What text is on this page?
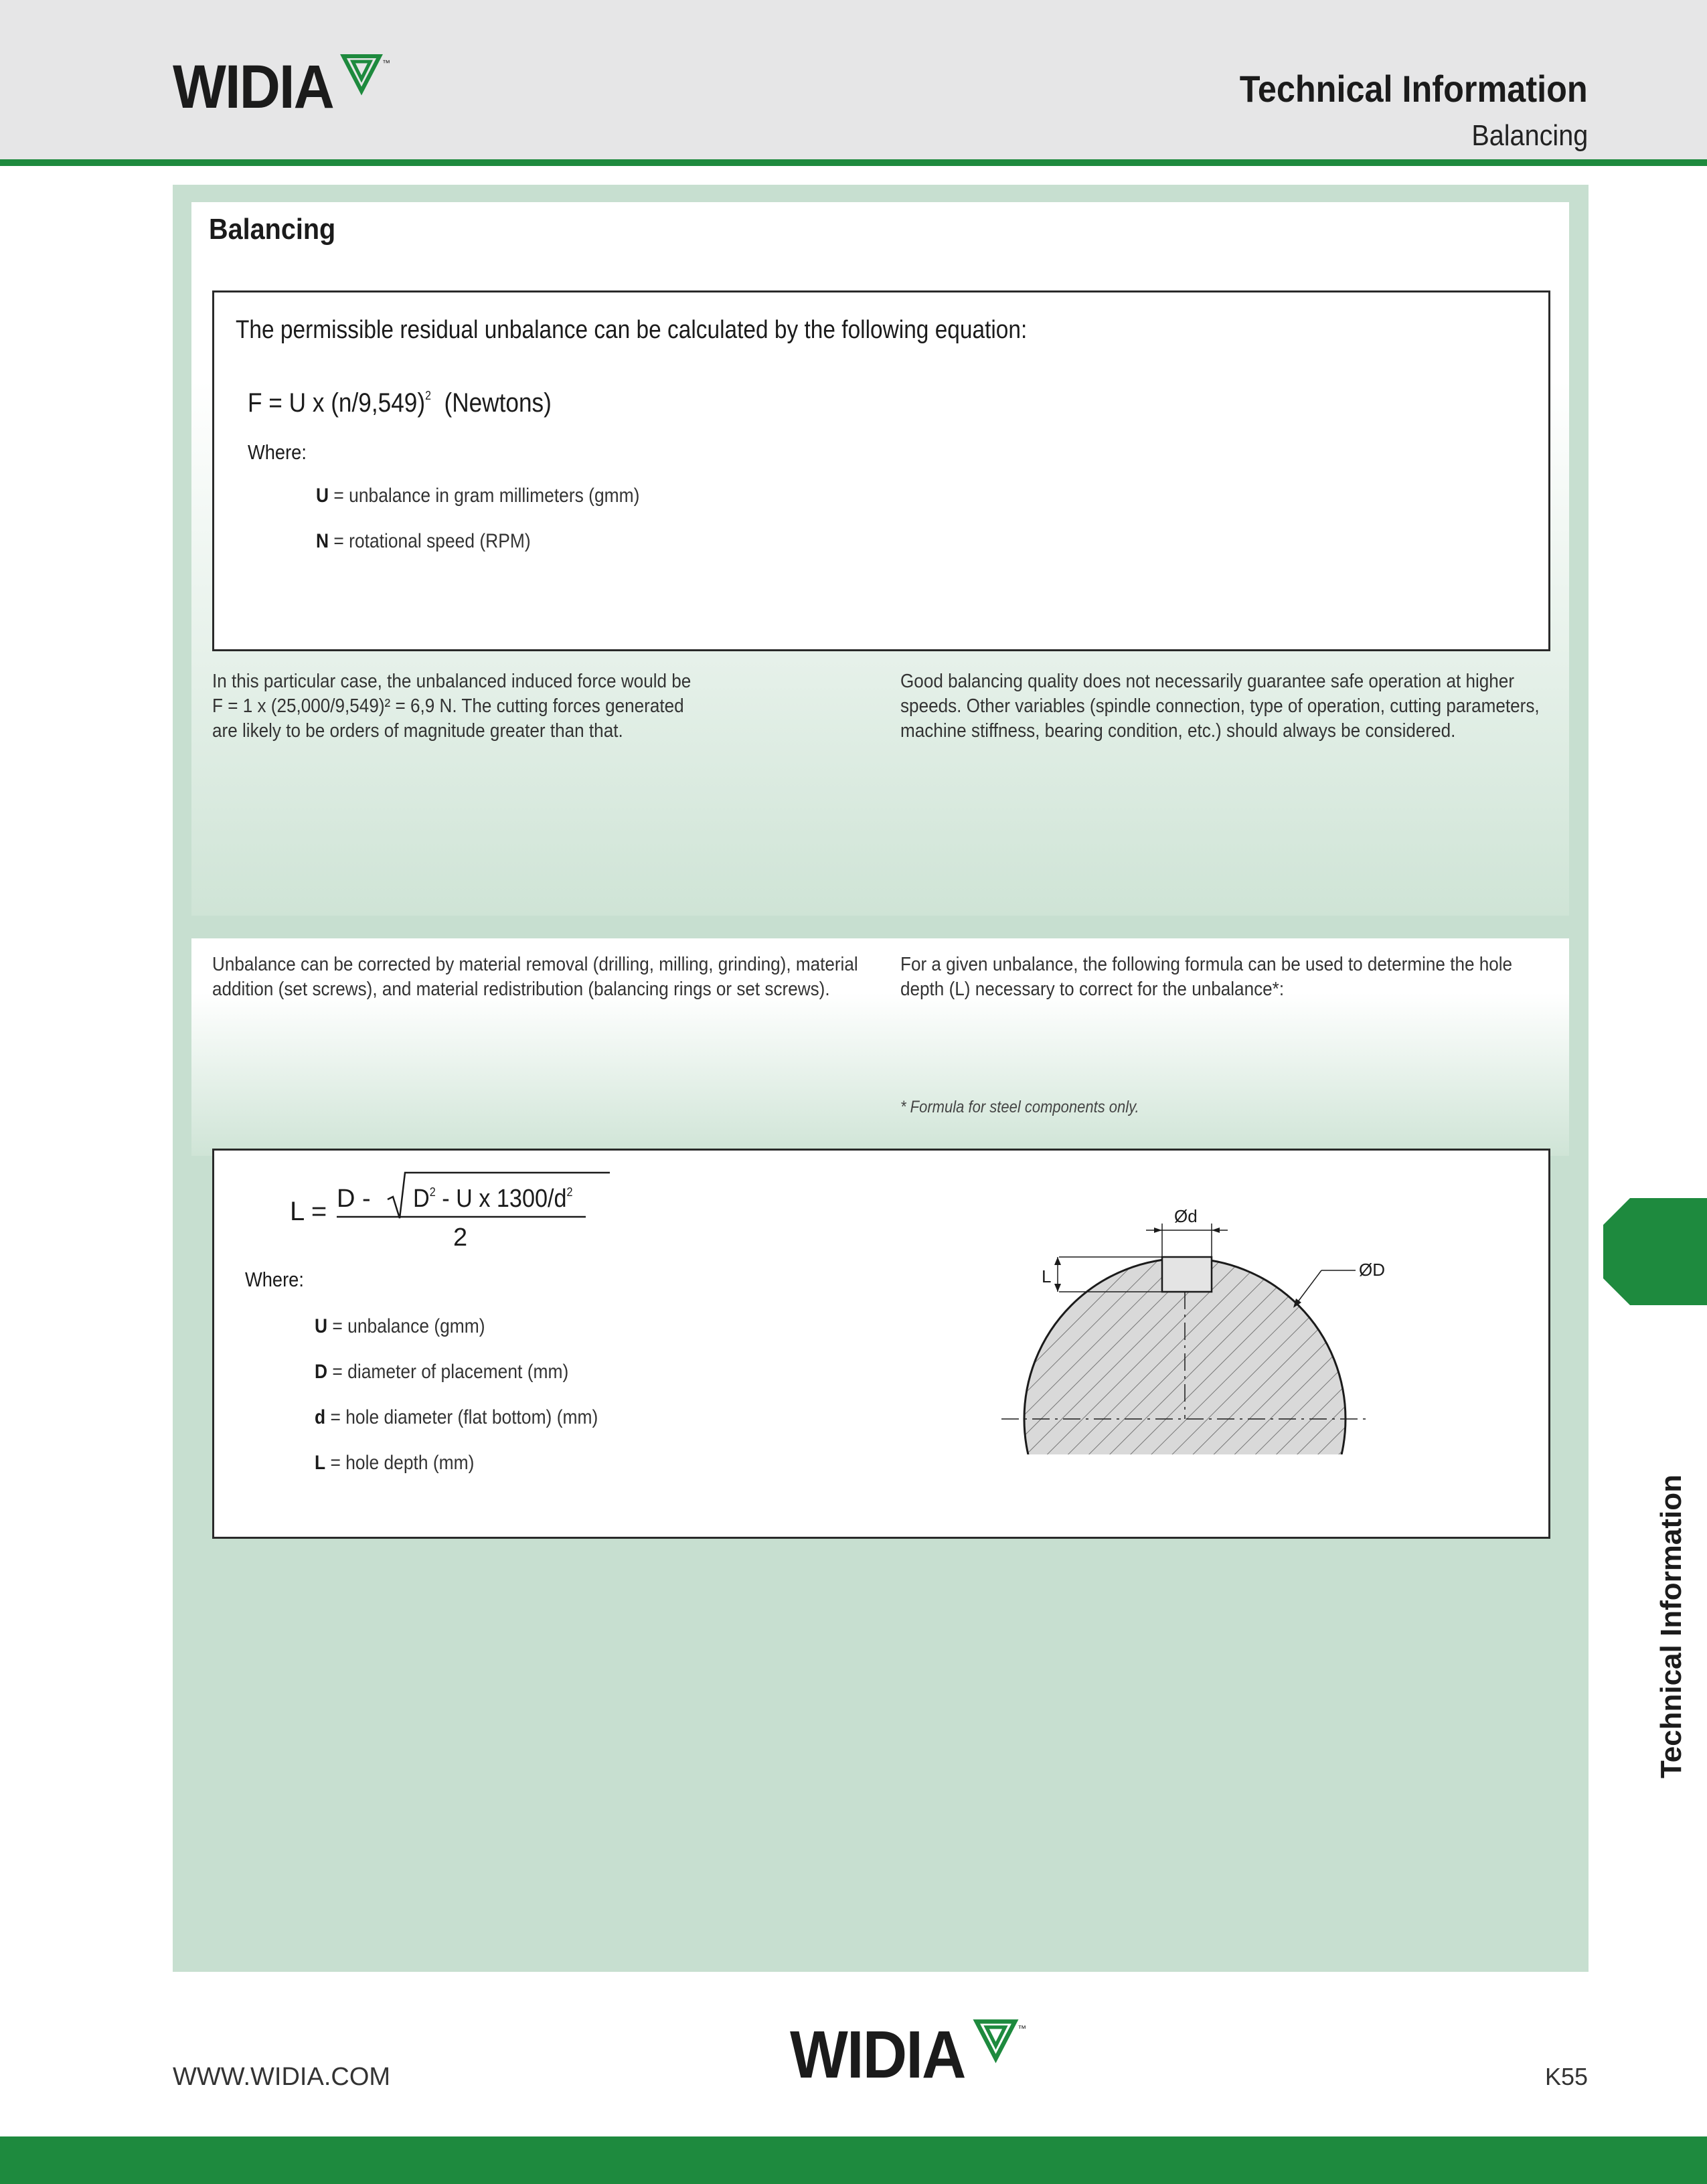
WIDIA	™
Technical Information
Balancing
Balancing
The permissible residual unbalance can be calculated by the following equation:
F = U x $(n/9,549)^2$ (Newtons)
Where:
U = unbalance in gram millimeters (gmm)
N = rotational speed (RPM)
In this particular case, the unbalanced induced force would be
F = 1 x (25,000/9,549)² = 6,9 N. The cutting forces generated
are likely to be orders of magnitude greater than that.
Good balancing quality does not necessarily guarantee safe operation at higher
speeds. Other variables (spindle connection, type of operation, cutting parameters,
machine stiffness, bearing condition, etc.) should always be considered.
Unbalance can be corrected by material removal (drilling, milling, grinding), material
addition (set screws), and material redistribution (balancing rings or set screws).
For a given unbalance, the following formula can be used to determine the hole
depth (L) necessary to correct for the unbalance*:
* Formula for steel components only.
$L = D - D^2 - U$ x $1300/d^2$
2
Where:
U = unbalance (gmm)
D = diameter of placement (mm)
d = hole diameter (flat bottom) (mm)
L = hole depth (mm)
Ød
L	ØD
Technical Information
WWW.WIDIA.COM	WIDIA	™
K55
